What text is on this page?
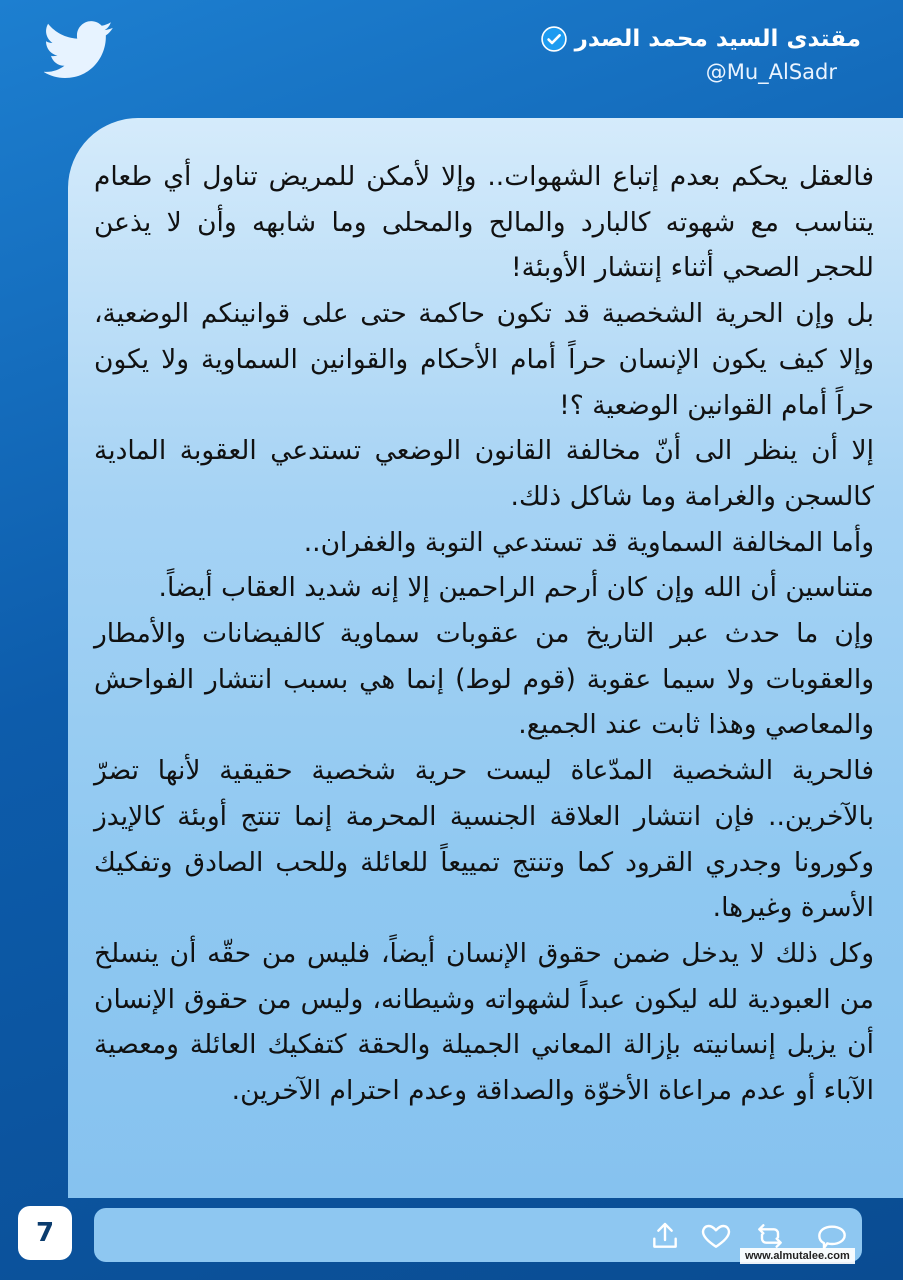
مقتدى السيد محمد الصدر
@Mu_AlSadr

فالعقل يحكم بعدم إتباع الشهوات.. وإلا لأمكن للمريض تناول أي طعام يتناسب مع شهوته كالبارد والمالح والمحلى وما شابهه وأن لا يذعن للحجر الصحي أثناء إنتشار الأوبئة!

بل وإن الحرية الشخصية قد تكون حاكمة حتى على قوانينكم الوضعية، وإلا كيف يكون الإنسان حراً أمام الأحكام والقوانين السماوية ولا يكون حراً أمام القوانين الوضعية ؟!

إلا أن ينظر الى أنّ مخالفة القانون الوضعي تستدعي العقوبة المادية كالسجن والغرامة وما شاكل ذلك.

وأما المخالفة السماوية قد تستدعي التوبة والغفران..

متناسين أن الله وإن كان أرحم الراحمين إلا إنه شديد العقاب أيضاً.

وإن ما حدث عبر التاريخ من عقوبات سماوية كالفيضانات والأمطار والعقوبات ولا سيما عقوبة (قوم لوط) إنما هي بسبب انتشار الفواحش والمعاصي وهذا ثابت عند الجميع.

فالحرية الشخصية المدّعاة ليست حرية شخصية حقيقية لأنها تضرّ بالآخرين.. فإن انتشار العلاقة الجنسية المحرمة إنما تنتج أوبئة كالإيدز وكورونا وجدري القرود كما وتنتج تمييعاً للعائلة وللحب الصادق وتفكيك الأسرة وغيرها.

وكل ذلك لا يدخل ضمن حقوق الإنسان أيضاً، فليس من حقّه أن ينسلخ من العبودية لله ليكون عبداً لشهواته وشيطانه، وليس من حقوق الإنسان أن يزيل إنسانيته بإزالة المعاني الجميلة والحقة كتفكيك العائلة ومعصية الآباء أو عدم مراعاة الأخوّة والصداقة وعدم احترام الآخرين.

7
www.almutalee.com
